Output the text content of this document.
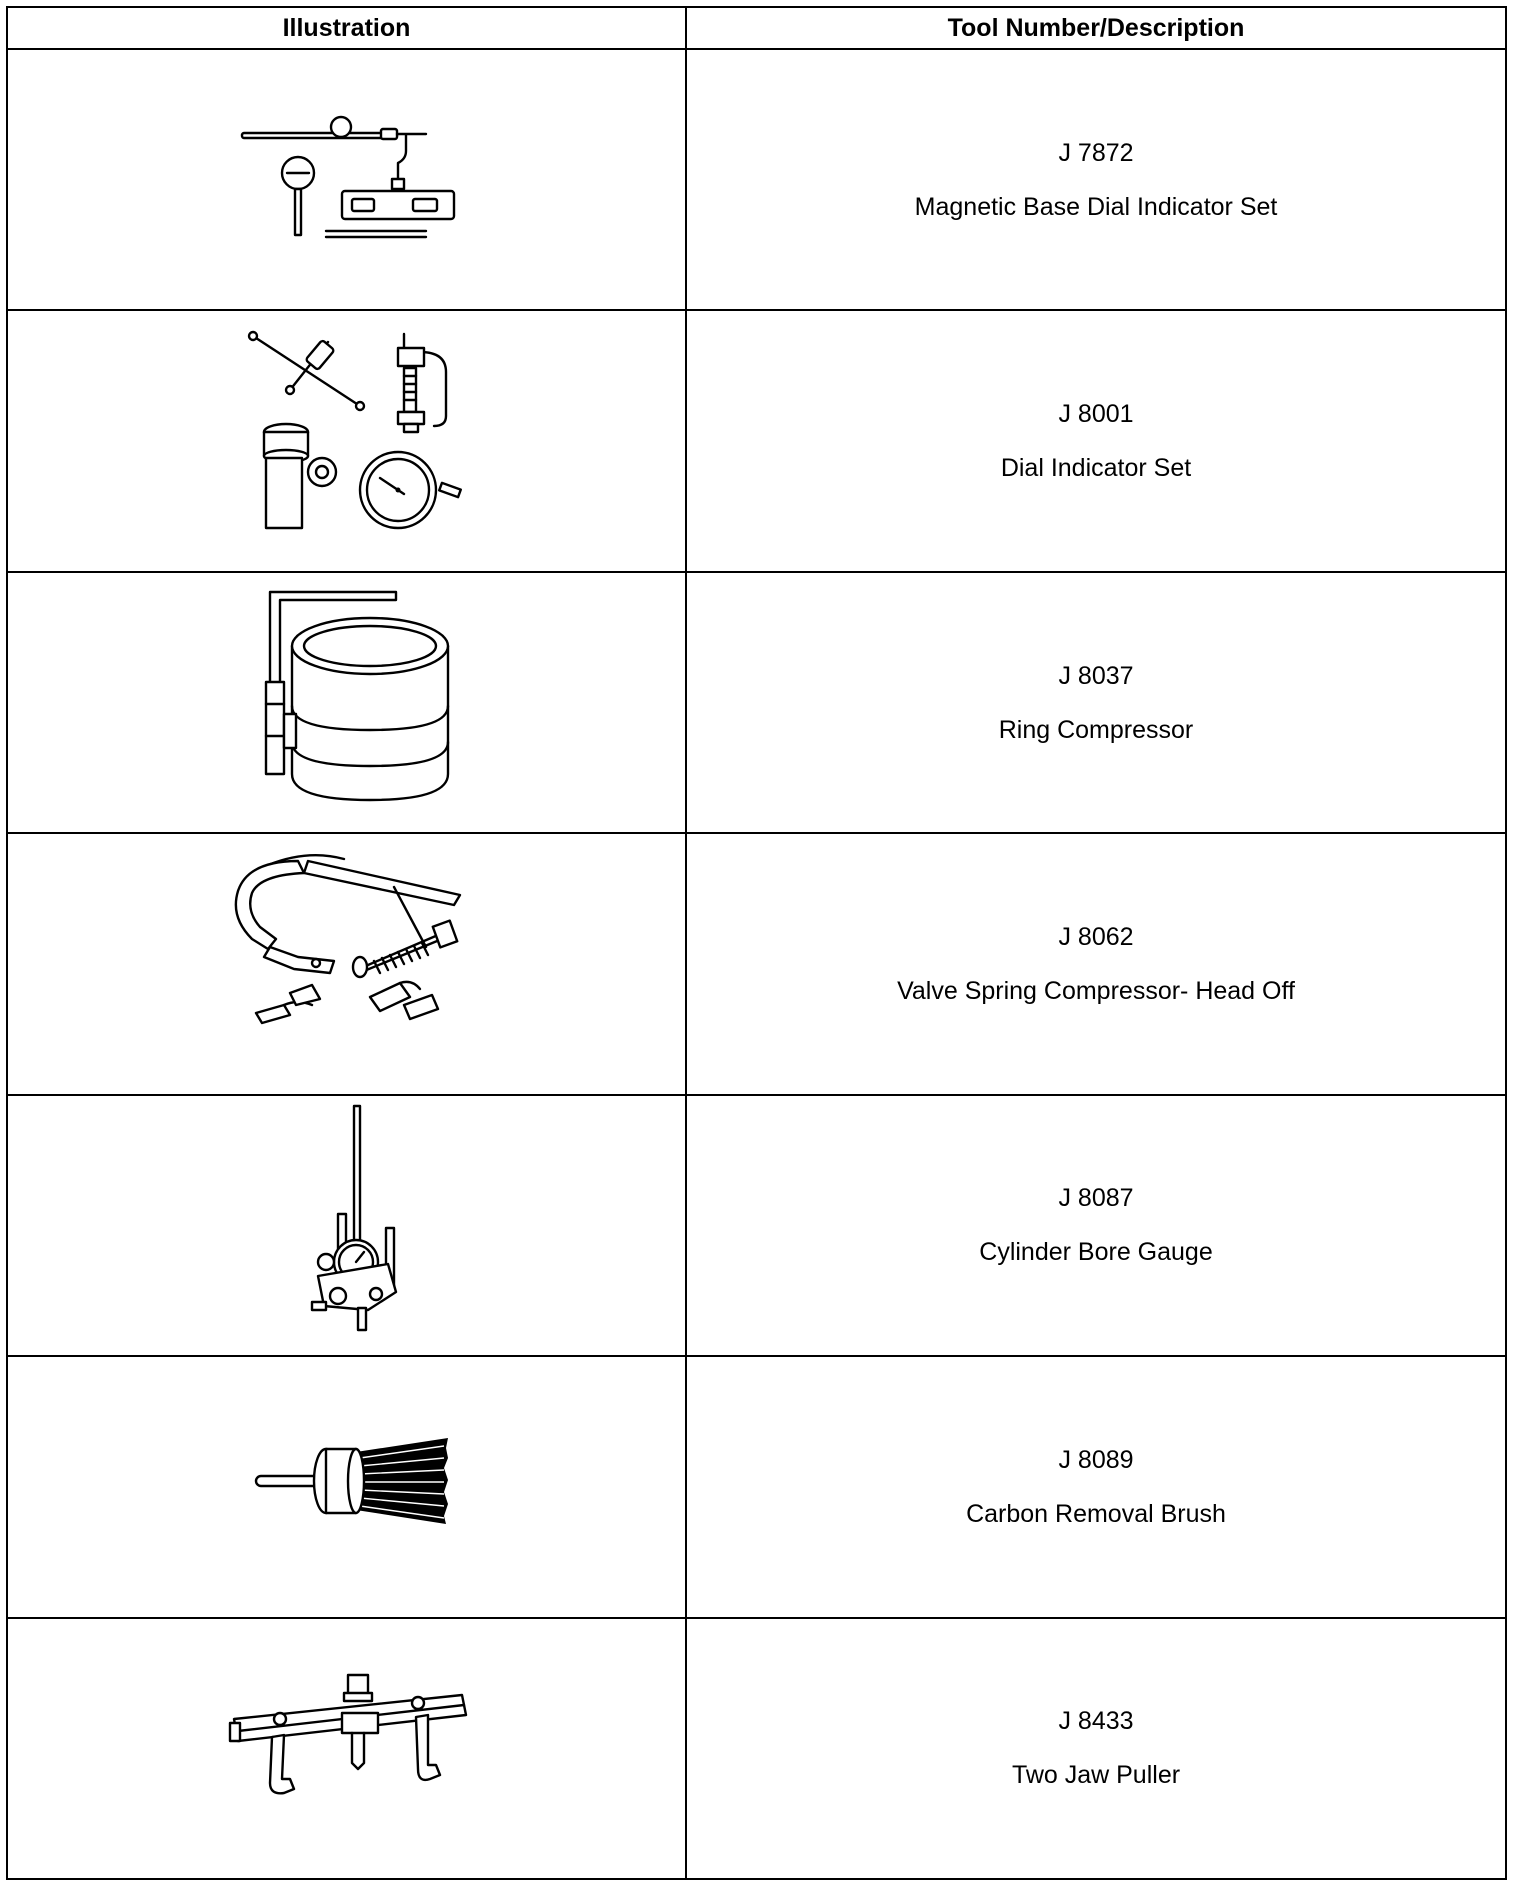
Illustration	Tool Number/Description

J 7872
Magnetic Base Dial Indicator Set

J 8001
Dial Indicator Set

J 8037
Ring Compressor

J 8062
Valve Spring Compressor- Head Off

J 8087
Cylinder Bore Gauge

J 8089
Carbon Removal Brush

J 8433
Two Jaw Puller
